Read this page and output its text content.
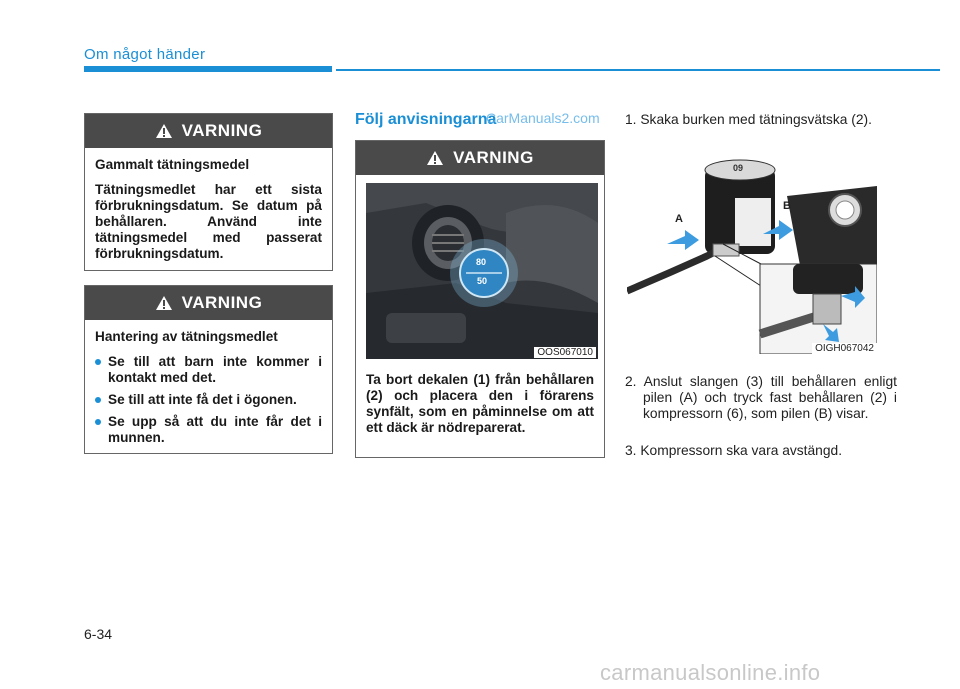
Om något händer
VARNING
Gammalt tätningsmedel
Tätningsmedlet har ett sista förbrukningsdatum. Se datum på behållaren. Använd inte tätningsmedel med passerat förbrukningsdatum.
VARNING
Hantering av tätningsmedlet
Se till att barn inte kommer i kontakt med det.
Se till att inte få det i ögonen.
Se upp så att du inte får det i munnen.
Följ anvisningarna
CarManuals2.com
VARNING
80
50
OOS067010
Ta bort dekalen (1) från behållaren (2) och placera den i förarens synfält, som en påminnelse om att ett däck är nödreparerat.
1. Skaka burken med tätningsvätska (2).
A
B
09
OIGH067042
2. Anslut slangen (3) till behållaren enligt pilen (A) och tryck fast behållaren (2) i kompressorn (6), som pilen (B) visar.
3. Kompressorn ska vara avstängd.
6-34
carmanualsonline.info
